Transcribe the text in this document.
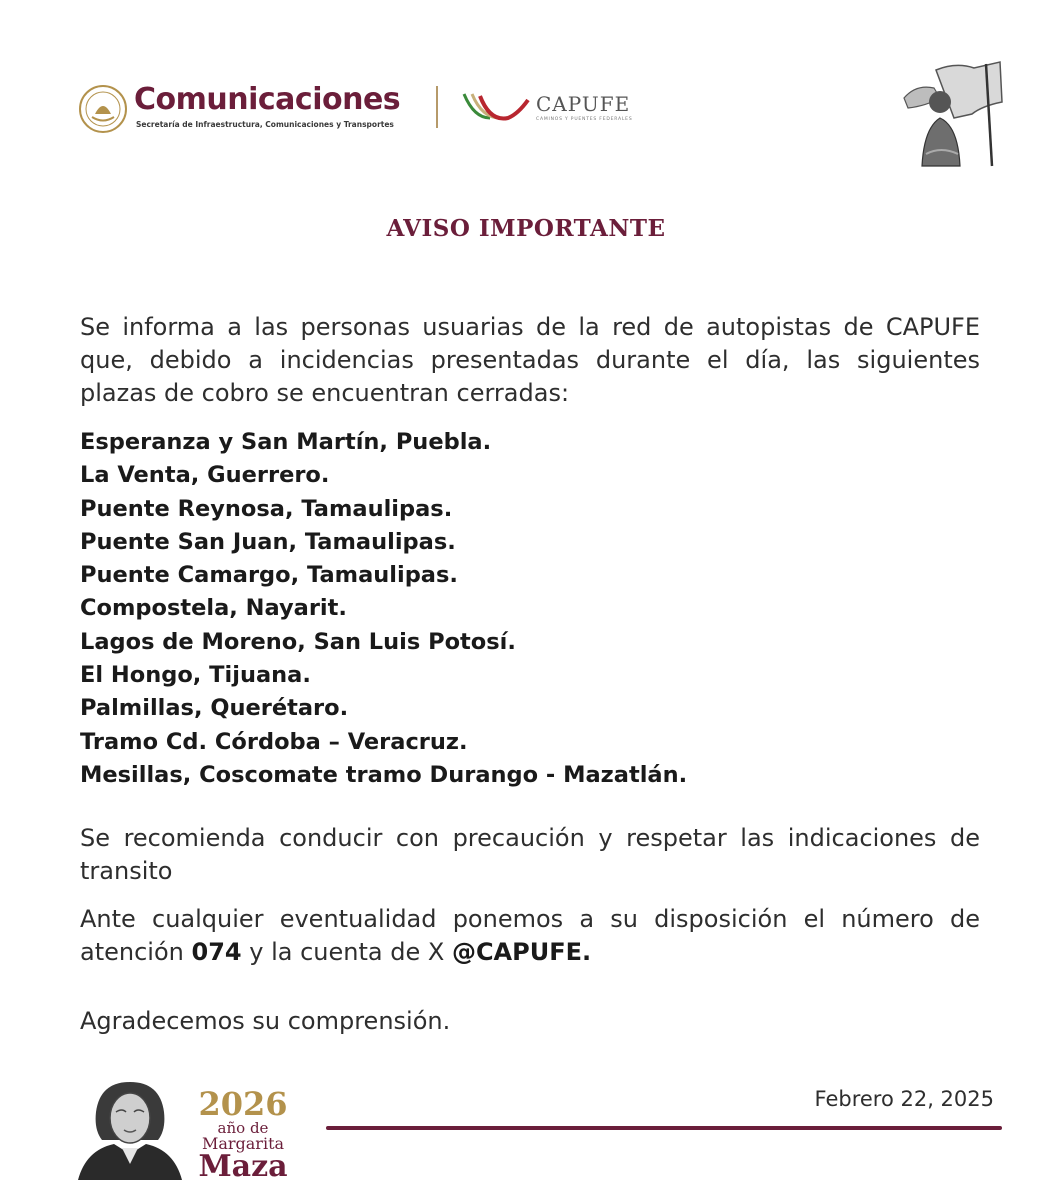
Comunicaciones
Secretaría de Infraestructura, Comunicaciones y Transportes
CAPUFE
CAMINOS Y PUENTES FEDERALES
AVISO IMPORTANTE
Se informa a las personas usuarias de la red de autopistas de CAPUFE que, debido a incidencias presentadas durante el día, las siguientes plazas de cobro se encuentran cerradas:
Esperanza y San Martín, Puebla.
La Venta, Guerrero.
Puente Reynosa, Tamaulipas.
Puente San Juan, Tamaulipas.
Puente Camargo, Tamaulipas.
Compostela, Nayarit.
Lagos de Moreno, San Luis Potosí.
El Hongo, Tijuana.
Palmillas, Querétaro.
Tramo Cd. Córdoba – Veracruz.
Mesillas, Coscomate tramo Durango - Mazatlán.
Se recomienda conducir con precaución y respetar las indicaciones de transito
Ante cualquier eventualidad ponemos a su disposición el número de atención 074 y la cuenta de X @CAPUFE.
Agradecemos su comprensión.
2026
año de
Margarita
Maza
Febrero 22, 2025
